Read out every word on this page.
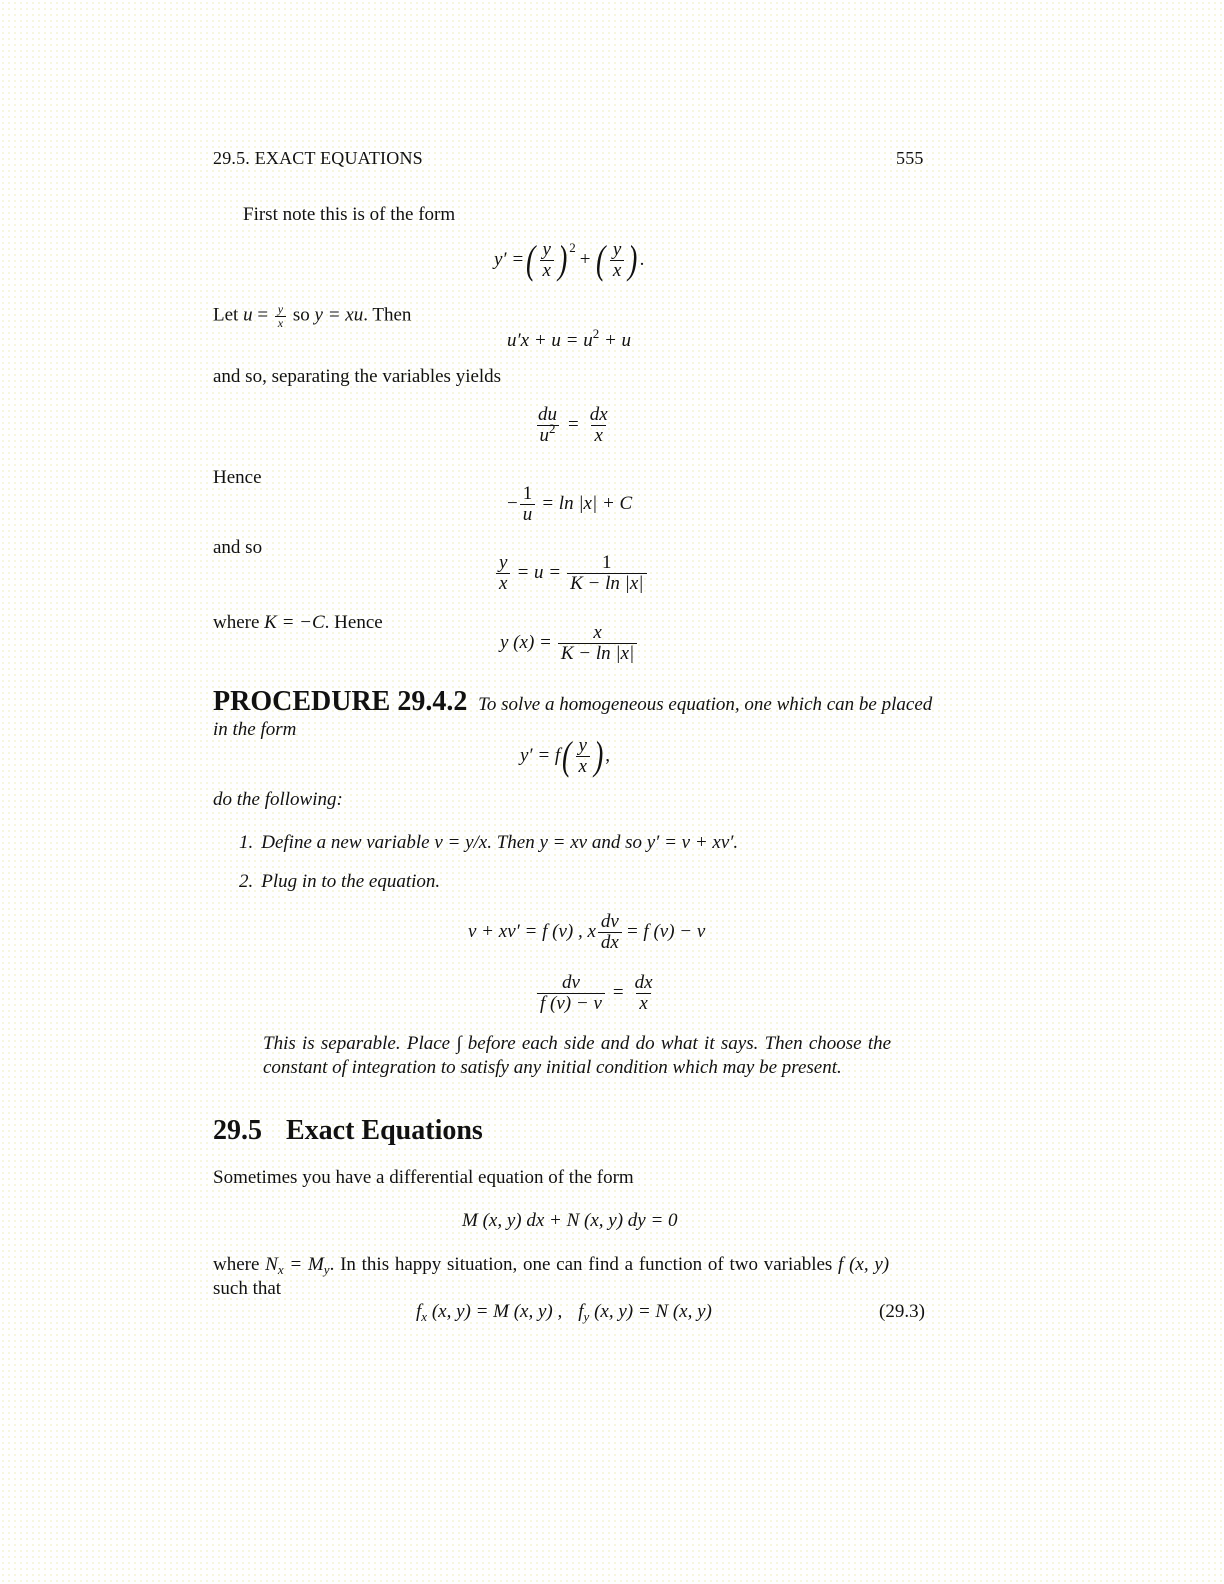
29.5. EXACT EQUATIONS	555
First note this is of the form
y′ = ( $\frac{y}{x}$ ) 2
+ ( $\frac{y}{x}$ ) .
Let $u = \frac{y}{x}$ so y = xu. Then
$u'x + u = u^2 + u$
and so, separating the variables yields
$\frac{du}{u^2} = \frac{dx}{x}$
Hence
− $\frac{1}{u} = \ln |x| + C$
and so
$\frac{y}{x} = u = \frac{1}{K - \ln |x|}$
where K = −C. Hence
y $(x) = \frac{x}{K - \ln |x|}$
PROCEDURE 29.4.2 To solve a homogeneous equation, one which can be placed
in the form
y′ = f ( $\frac{y}{x}$ ) ,
do the following:
1. Define a new variable v = y/x. Then y = xv and so y′ = v + xv′.
2. Plug in to the equation.
v + xv′ = f (v) , x $\frac{dv}{dx} = f$ (v) − v
$\frac{dv}{f (v) - v} = \frac{dx}{x}$
This is separable. Place ∫ before each side and do what it says. Then choose the
constant of integration to satisfy any initial condition which may be present.
29.5 Exact Equations
Sometimes you have a differential equation of the form
M (x, y) dx + N (x, y) dy = 0
where $N_x = M_y$. In this happy situation, one can find a function of two variables f (x, y)
such that
$f_x$ (x, y) = M (x, y) , $f_y$ (x, y) = N (x, y)	(29.3)
